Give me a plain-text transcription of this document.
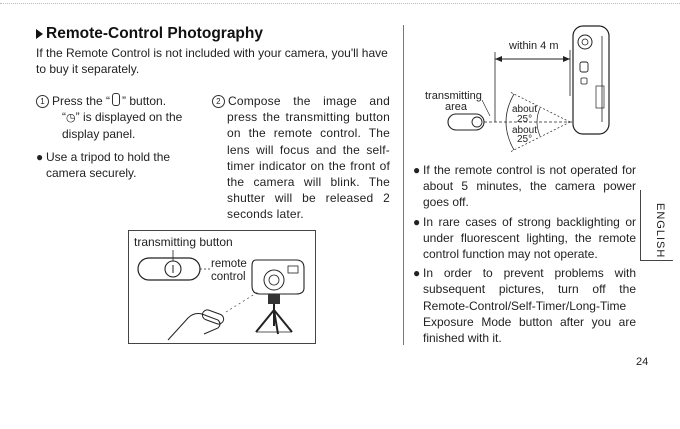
Remote-Control Photography
If the Remote Control is not included with your camera, you'll have to buy it separately.
1 Press the “ ” button.
“◷” is displayed on the
display panel.
2 Compose the image and press the transmitting button on the remote control. The lens will focus and the self-timer indicator on the front of the camera will blink. The shutter will be released 2 seconds later.
● Use a tripod to hold the camera securely.
transmitting button
remote control
within 4 m
transmitting
area	about
25°
about
25°

● If the remote control is not operated for about 5 minutes, the camera power goes off.

● In rare cases of strong backlighting or under fluorescent lighting, the remote control function may not operate.

● In order to prevent problems with subsequent pictures, turn off the Remote-Control/Self-Timer/Long-Time Exposure Mode button after you are finished with it.

ENGLISH
24
